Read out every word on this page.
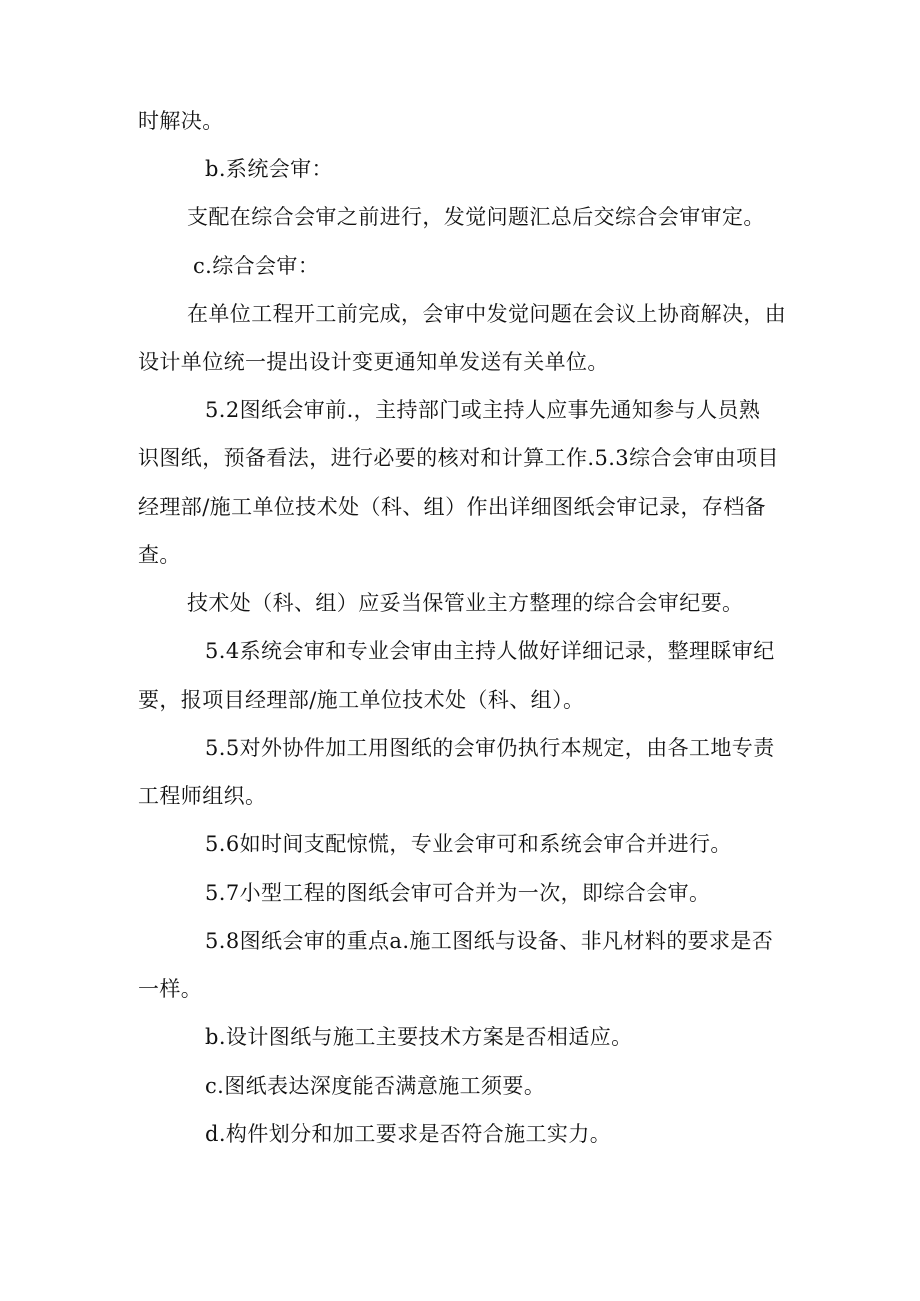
时解决。
b.系统会审：
支配在综合会审之前进行，发觉问题汇总后交综合会审审定。
c.综合会审：
在单位工程开工前完成，会审中发觉问题在会议上协商解决，由
设计单位统一提出设计变更通知单发送有关单位。
5.2图纸会审前.，主持部门或主持人应事先通知参与人员熟
识图纸，预备看法，进行必要的核对和计算工作.5.3综合会审由项目
经理部/施工单位技术处（科、组）作出详细图纸会审记录，存档备
查。
技术处（科、组）应妥当保管业主方整理的综合会审纪要。
5.4系统会审和专业会审由主持人做好详细记录，整理睬审纪
要，报项目经理部/施工单位技术处（科、组）。
5.5对外协件加工用图纸的会审仍执行本规定，由各工地专责
工程师组织。
5.6如时间支配惊慌，专业会审可和系统会审合并进行。
5.7小型工程的图纸会审可合并为一次，即综合会审。
5.8图纸会审的重点a.施工图纸与设备、非凡材料的要求是否
一样。
b.设计图纸与施工主要技术方案是否相适应。
c.图纸表达深度能否满意施工须要。
d.构件划分和加工要求是否符合施工实力。
